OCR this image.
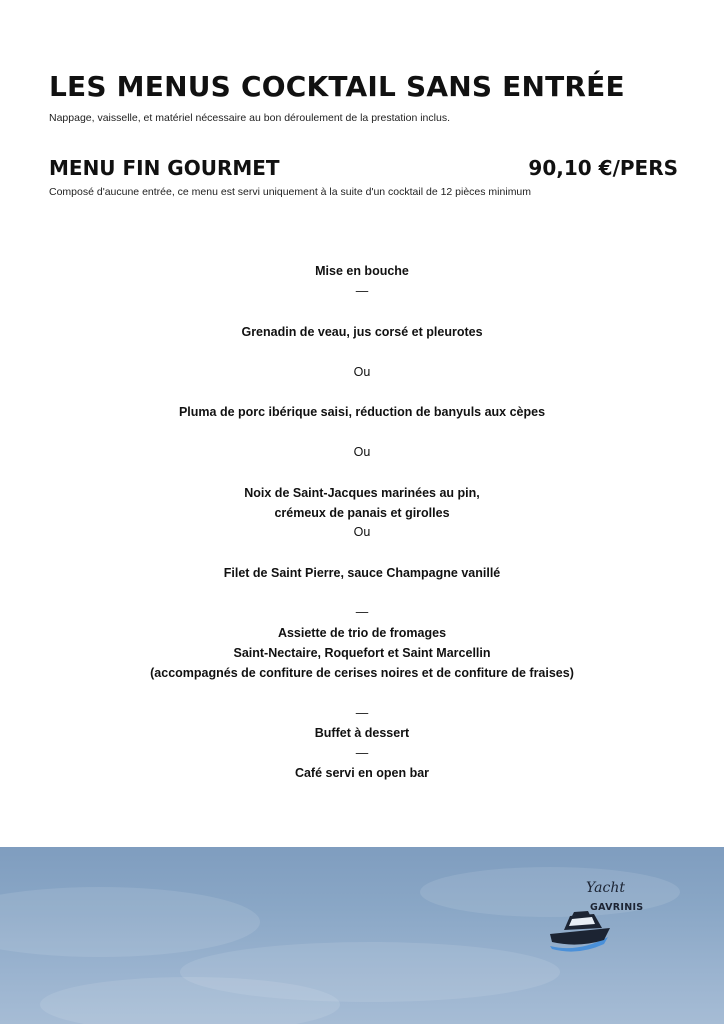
LES MENUS COCKTAIL SANS ENTRÉE
Nappage, vaisselle, et matériel nécessaire au bon déroulement de la prestation inclus.
MENU FIN GOURMET	90,10 €/PERS
Composé d'aucune entrée, ce menu est servi uniquement à la suite d'un cocktail de 12 pièces minimum
Mise en bouche
—
Grenadin de veau, jus corsé et pleurotes
Ou
Pluma de porc ibérique saisi, réduction de banyuls aux cèpes
Ou
Noix de Saint-Jacques marinées au pin,
crémeux de panais et girolles
Ou
Filet de Saint Pierre, sauce Champagne vanillé
—
Assiette de trio de fromages
Saint-Nectaire, Roquefort et Saint Marcellin
(accompagnés de confiture de cerises noires et de confiture de fraises)
—
Buffet à dessert
—
Café servi en open bar
Yacht
GAVRINIS
